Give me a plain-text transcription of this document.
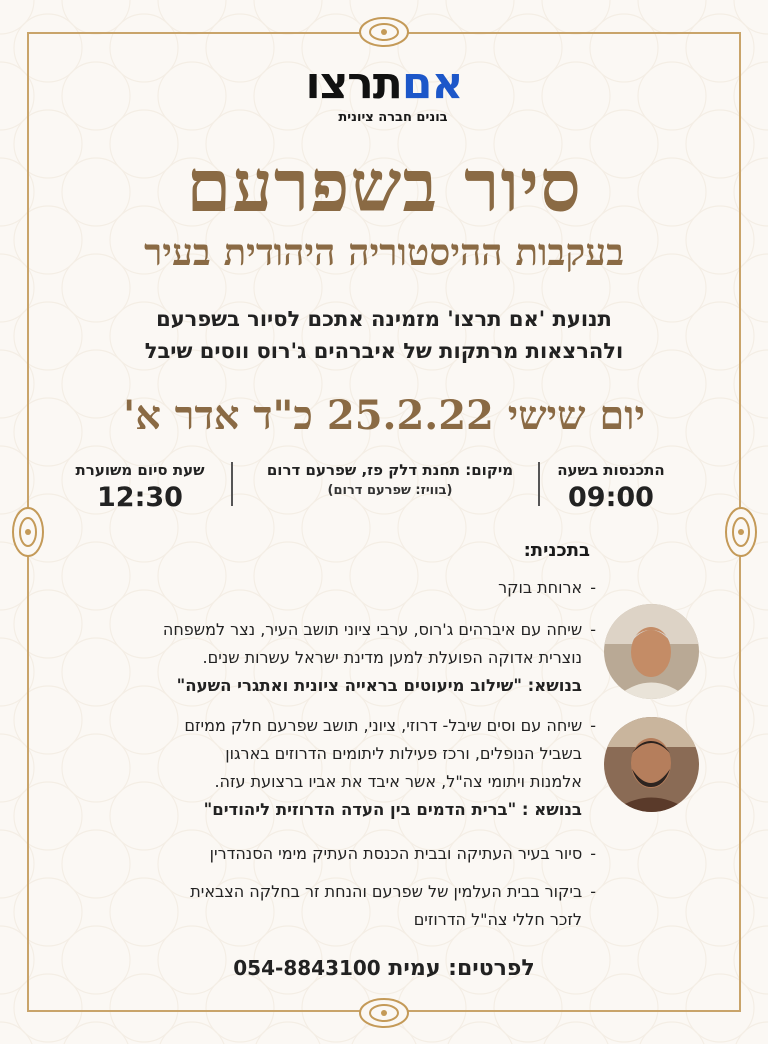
אםתרצו
בונים חברה ציונית
סיור בשפרעם
בעקבות ההיסטוריה היהודית בעיר
תנועת 'אם תרצו' מזמינה אתכם לסיור בשפרעם
ולהרצאות מרתקות של איברהים ג'רוס ווסים שיבל
יום שישי 25.2.22 כ"ד אדר א'
התכנסות בשעה
09:00
מיקום: תחנת דלק פז, שפרעם דרום
(בוויז: שפרעם דרום)
שעת סיום משוערת
12:30
בתכנית:
-ארוחת בוקר
-שיחה עם איברהים ג'רוס, ערבי ציוני תושב העיר, נצר למשפחה
נוצרית אדוקה הפועלת למען מדינת ישראל עשרות שנים.
בנושא: "שילוב מיעוטים בראייה ציונית ואתגרי השעה"
-שיחה עם וסים שיבל- דרוזי, ציוני, תושב שפרעם חלק ממיזם
בשביל הנופלים, ורכז פעילות ליתומים הדרוזים בארגון
אלמנות ויתומי צה"ל, אשר איבד את אביו ברצועת עזה.
בנושא : "ברית הדמים בין העדה הדרוזית ליהודים"
-סיור בעיר העתיקה ובבית הכנסת העתיק מימי הסנהדרין
-ביקור בבית העלמין של שפרעם והנחת זר בחלקה הצבאית
לזכר חללי צה"ל הדרוזים
לפרטים: עמית 054-8843100
